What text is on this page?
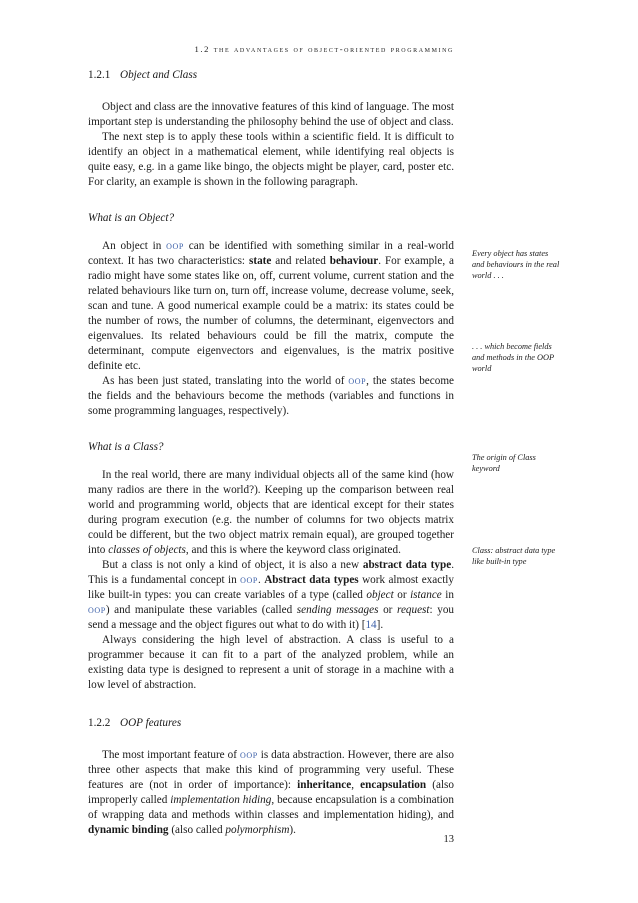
1.2 the advantages of object-oriented programming
1.2.1 Object and Class

Object and class are the innovative features of this kind of language. The most important step is understanding the philosophy behind the use of object and class.

The next step is to apply these tools within a scientific field. It is difficult to identify an object in a mathematical element, while identifying real objects is quite easy, e.g. in a game like bingo, the objects might be player, card, poster etc. For clarity, an example is shown in the following paragraph.

What is an Object?

An object in oop can be identified with something similar in a real-world context. It has two characteristics: state and related behaviour. For example, a radio might have some states like on, off, current volume, current station and the related behaviours like turn on, turn off, increase volume, decrease volume, seek, scan and tune. A good numerical example could be a matrix: its states could be the number of rows, the number of columns, the determinant, eigenvectors and eigenvalues. Its related behaviours could be fill the matrix, compute the determinant, compute eigenvectors and eigenvalues, is the matrix positive definite etc.

As has been just stated, translating into the world of oop, the states become the fields and the behaviours become the methods (variables and functions in some programming languages, respectively).

What is a Class?

In the real world, there are many individual objects all of the same kind (how many radios are there in the world?). Keeping up the comparison between real world and programming world, objects that are identical except for their states during program execution (e.g. the number of columns for two objects matrix could be different, but the two object matrix remain equal), are grouped together into classes of objects, and this is where the keyword class originated.

But a class is not only a kind of object, it is also a new abstract data type. This is a fundamental concept in oop. Abstract data types work almost exactly like built-in types: you can create variables of a type (called object or istance in oop) and manipulate these variables (called sending messages or request: you send a message and the object figures out what to do with it) [14].

Always considering the high level of abstraction. A class is useful to a programmer because it can fit to a part of the analyzed problem, while an existing data type is designed to represent a unit of storage in a machine with a low level of abstraction.

1.2.2 OOP features

The most important feature of oop is data abstraction. However, there are also three other aspects that make this kind of programming very useful. These features are (not in order of importance): inheritance, encapsulation (also improperly called implementation hiding, because encapsulation is a combination of wrapping data and methods within classes and implementation hiding), and dynamic binding (also called polymorphism).

Every object has states and behaviours in the real world . . .
. . . which become fields and methods in the OOP world
The origin of Class keyword
Class: abstract data type like built-in type
13
